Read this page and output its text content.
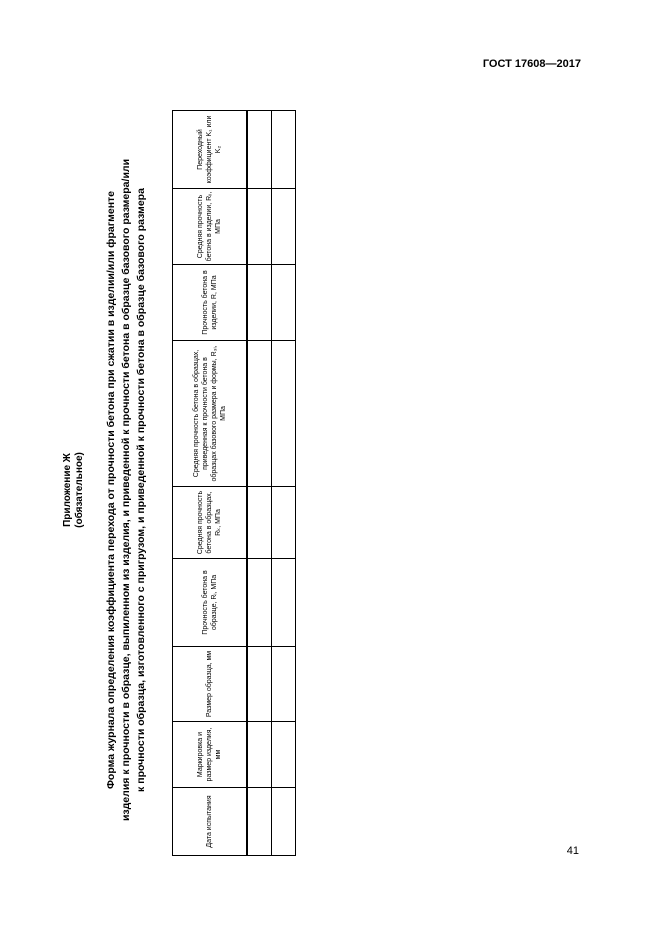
ГОСТ 17608—2017
Приложение Ж (обязательное) Форма журнала определения коэффициента перехода от прочности бетона при сжатии в изделии/или фрагменте изделия к прочности в образце, выпиленном из изделия, и приведенной к прочности бетона в образце базового размера/или к прочности образца, изготовленного с пригрузом, и приведенной к прочности бетона в образце базового размера
Дата испытания	Маркировка и размер изделия, мм	Размер образца, мм	Прочность бетона в образце, Rᵢ, МПа	Средняя прочность бетона в образцах, Rₖ, МПа	Средняя прочность бетона в образцах, приведенная к прочности бетона в образцах базового размера и формы, R₃ᵢ, МПа	Прочность бетона в изделии, R, МПа	Средняя прочность бетона в изделии, Rᵢᵢ, МПа	Переходный коэффициент K₁ или K₂

41
